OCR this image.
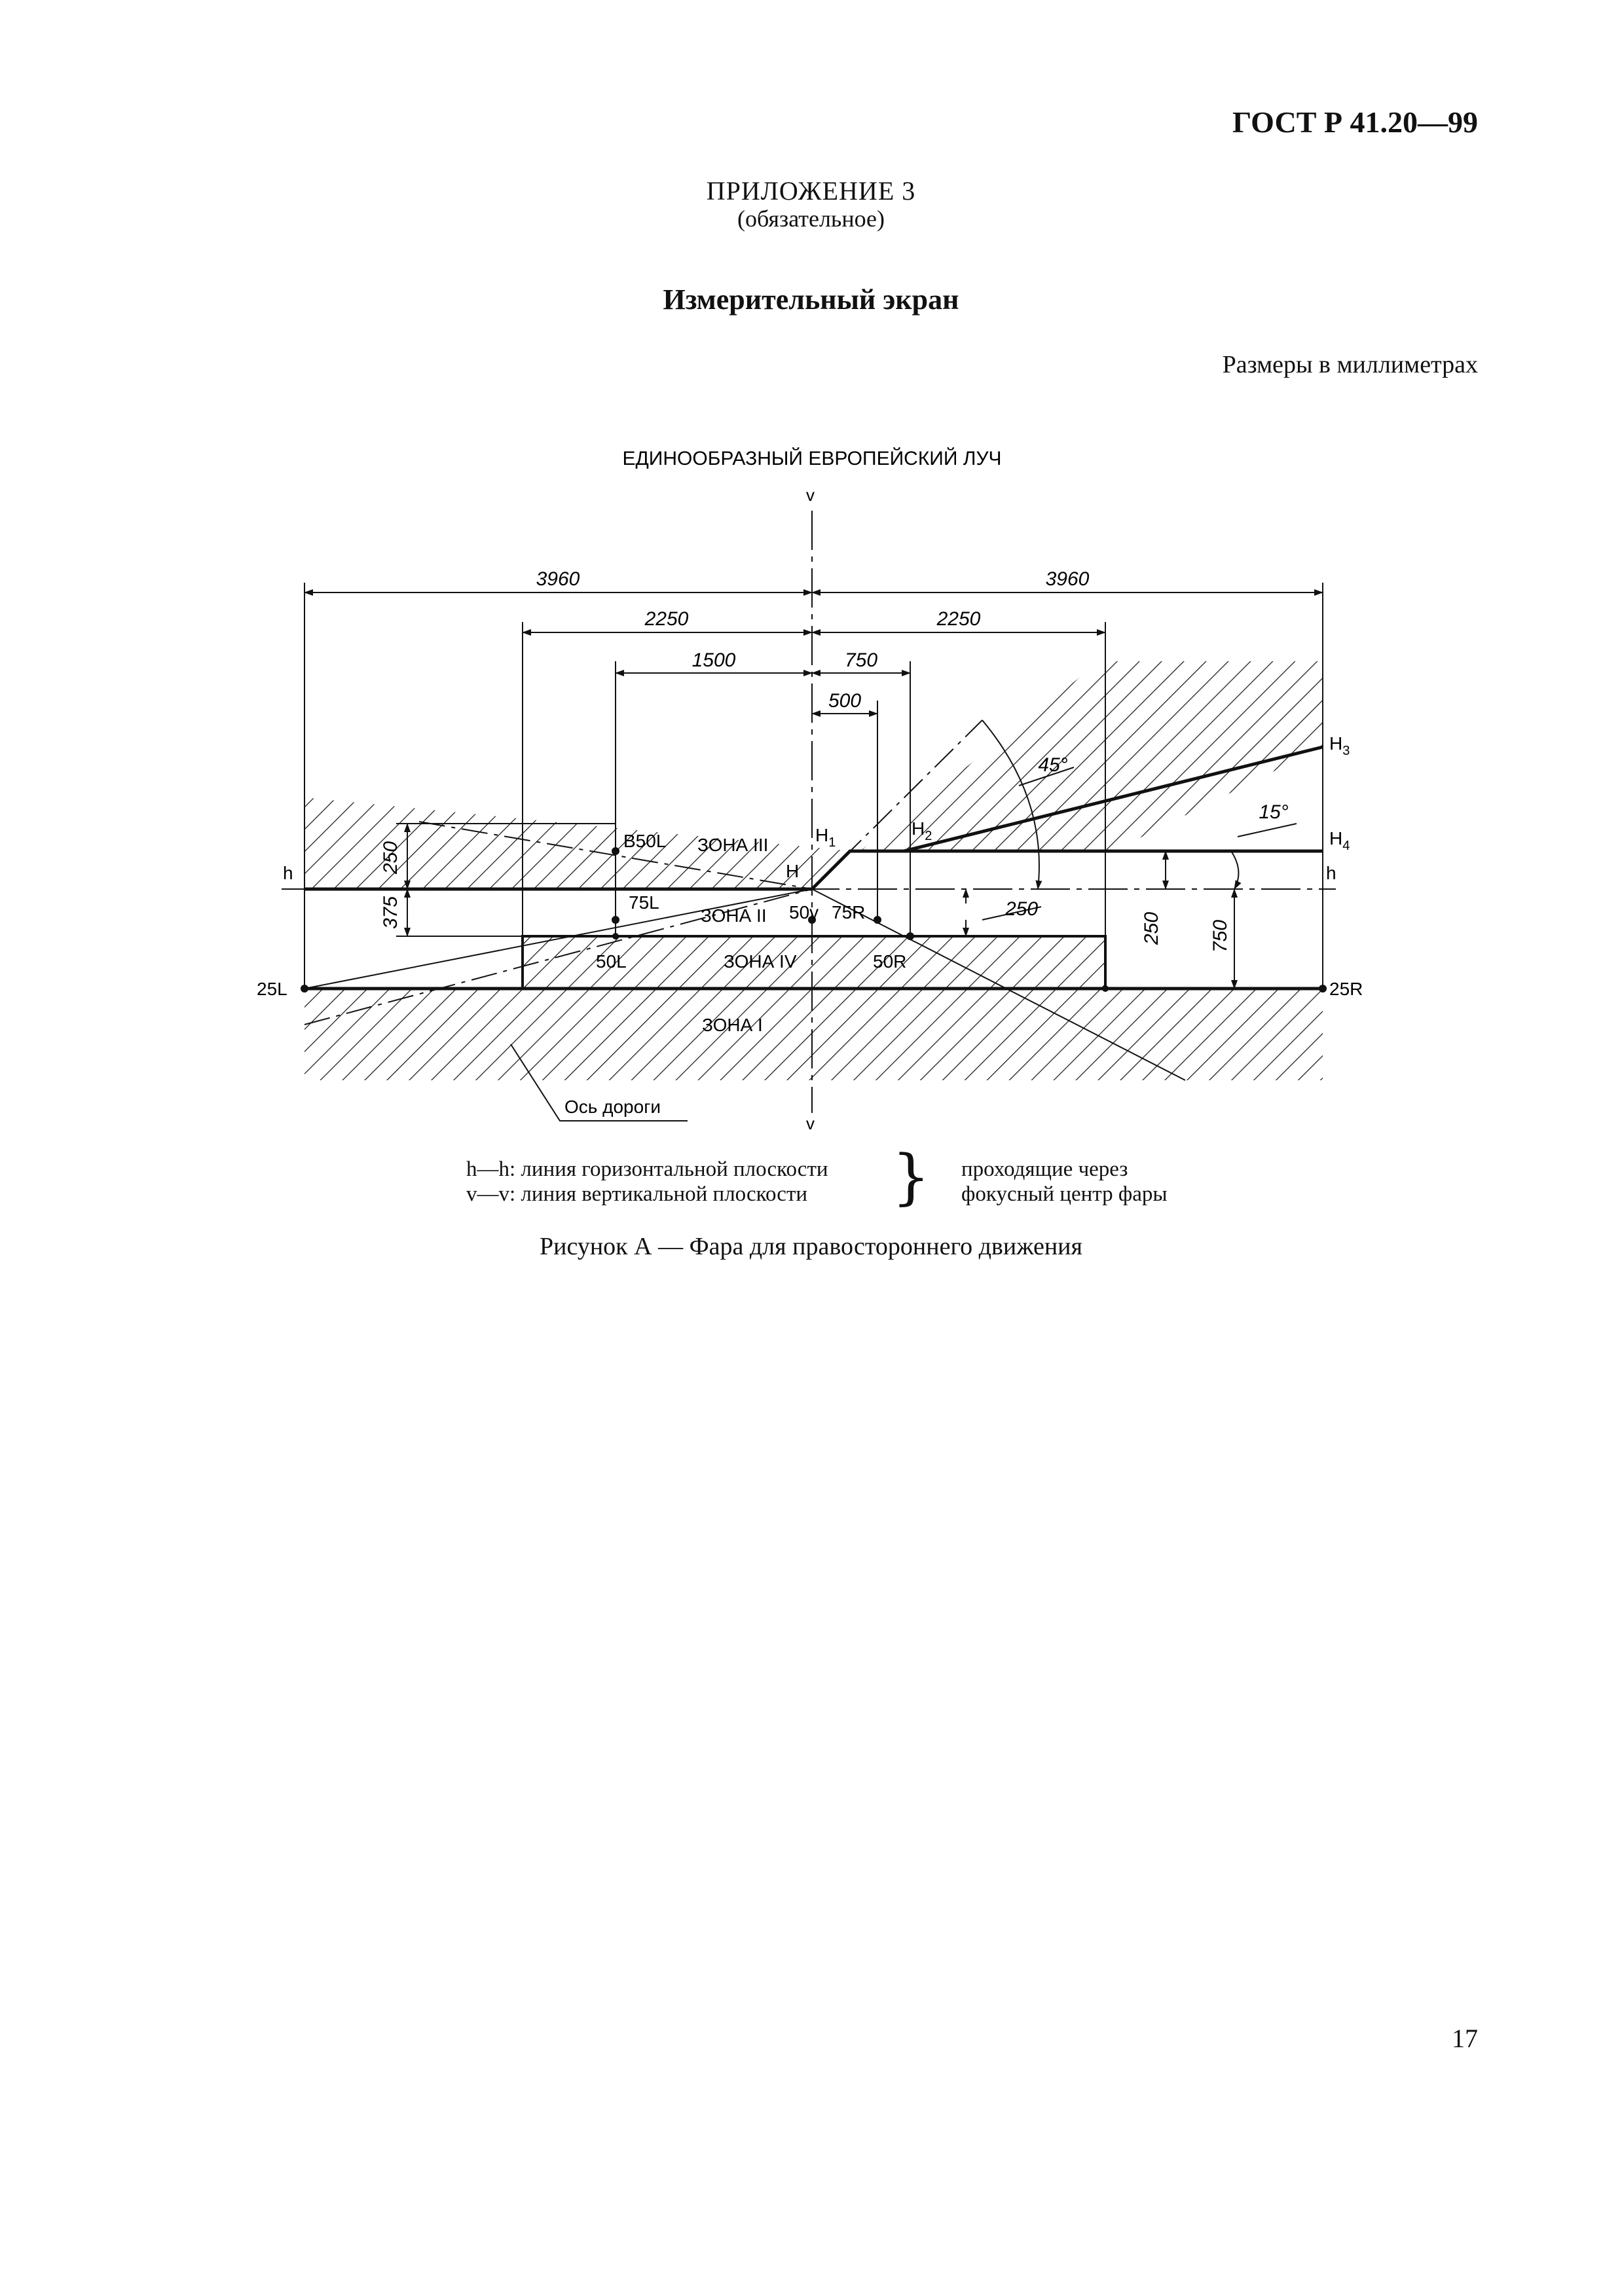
ГОСТ Р 41.20—99
ПРИЛОЖЕНИЕ 3
(обязательное)
Измерительный экран
Размеры в миллиметрах
ЕДИНООБРАЗНЫЙ ЕВРОПЕЙСКИЙ ЛУЧ
3960	3960
2250	2250
1500	750
500
250
375	250
250 750
45°
15°
B50L
75L
50L
50v 75R
50R
25L	25R
H
$H_1$
$H_2$
$H_3$
$H_4$
ЗОНА III
ЗОНА II
ЗОНА IV
ЗОНА I
h	h
v
v
Ось дороги
h—h: линия горизонтальной плоскости
v—v: линия вертикальной плоскости } проходящие через
фокусный центр фары
Рисунок А — Фара для правостороннего движения
17
